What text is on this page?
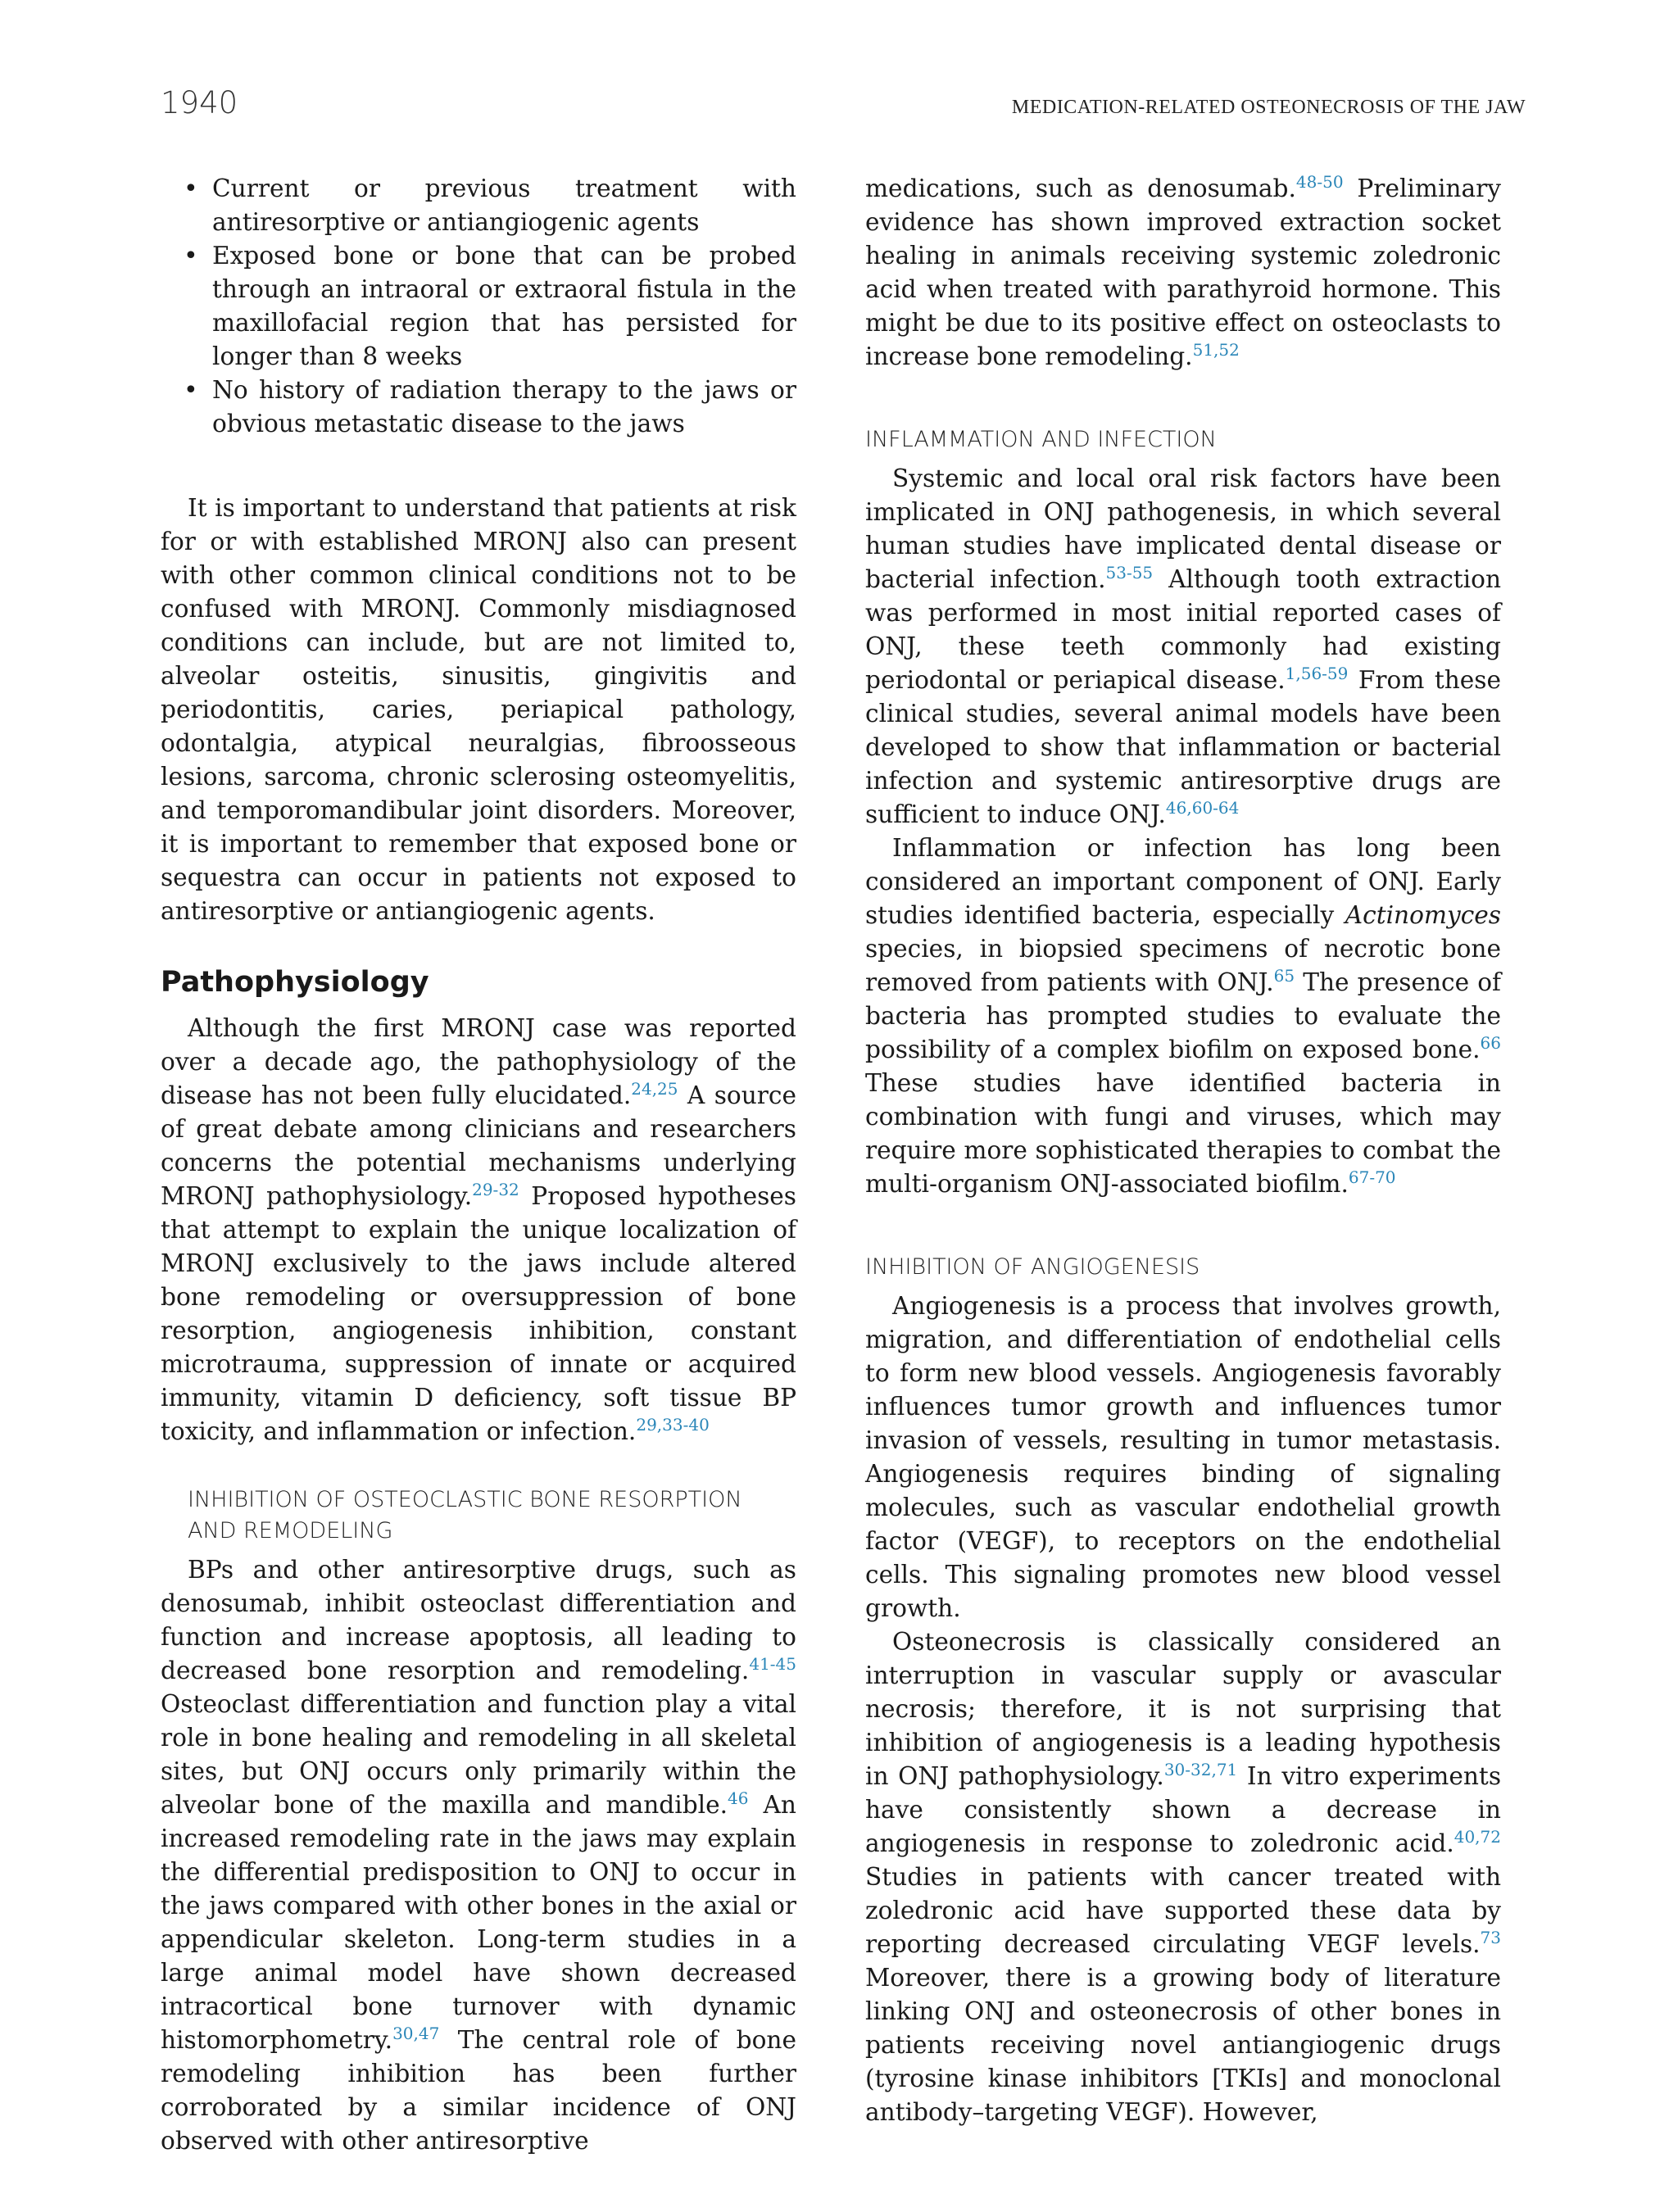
1940	MEDICATION-RELATED OSTEONECROSIS OF THE JAW
• Current or previous treatment with antiresorptive or antiangiogenic agents
• Exposed bone or bone that can be probed through an intraoral or extraoral fistula in the maxillofacial region that has persisted for longer than 8 weeks
• No history of radiation therapy to the jaws or obvious metastatic disease to the jaws

It is important to understand that patients at risk for or with established MRONJ also can present with other common clinical conditions not to be confused with MRONJ. Commonly misdiagnosed conditions can include, but are not limited to, alveolar osteitis, sinusitis, gingivitis and periodontitis, caries, periapical pathology, odontalgia, atypical neuralgias, fibroosseous lesions, sarcoma, chronic sclerosing osteomyelitis, and temporomandibular joint disorders. Moreover, it is important to remember that exposed bone or sequestra can occur in patients not exposed to antiresorptive or antiangiogenic agents.

Pathophysiology

Although the first MRONJ case was reported over a decade ago, the pathophysiology of the disease has not been fully elucidated.$^{24,25}$ A source of great debate among clinicians and researchers concerns the potential mechanisms underlying MRONJ pathophysiology.$^{29-32}$ Proposed hypotheses that attempt to explain the unique localization of MRONJ exclusively to the jaws include altered bone remodeling or oversuppression of bone resorption, angiogenesis inhibition, constant microtrauma, suppression of innate or acquired immunity, vitamin D deficiency, soft tissue BP toxicity, and inflammation or infection.$^{29,33-40}$

INHIBITION OF OSTEOCLASTIC BONE RESORPTION AND REMODELING

BPs and other antiresorptive drugs, such as denosumab, inhibit osteoclast differentiation and function and increase apoptosis, all leading to decreased bone resorption and remodeling.$^{41-45}$ Osteoclast differentiation and function play a vital role in bone healing and remodeling in all skeletal sites, but ONJ occurs only primarily within the alveolar bone of the maxilla and mandible.$^{46}$ An increased remodeling rate in the jaws may explain the differential predisposition to ONJ to occur in the jaws compared with other bones in the axial or appendicular skeleton. Long-term studies in a large animal model have shown decreased intracortical bone turnover with dynamic histomorphometry.$^{30,47}$ The central role of bone remodeling inhibition has been further corroborated by a similar incidence of ONJ observed with other antiresorptive

medications, such as denosumab.$^{48-50}$ Preliminary evidence has shown improved extraction socket healing in animals receiving systemic zoledronic acid when treated with parathyroid hormone. This might be due to its positive effect on osteoclasts to increase bone remodeling.$^{51,52}$

INFLAMMATION AND INFECTION

Systemic and local oral risk factors have been implicated in ONJ pathogenesis, in which several human studies have implicated dental disease or bacterial infection.$^{53-55}$ Although tooth extraction was performed in most initial reported cases of ONJ, these teeth commonly had existing periodontal or periapical disease.$^{1,56-59}$ From these clinical studies, several animal models have been developed to show that inflammation or bacterial infection and systemic antiresorptive drugs are sufficient to induce ONJ.$^{46,60-64}$

Inflammation or infection has long been considered an important component of ONJ. Early studies identified bacteria, especially Actinomyces species, in biopsied specimens of necrotic bone removed from patients with ONJ.$^{65}$ The presence of bacteria has prompted studies to evaluate the possibility of a complex biofilm on exposed bone.$^{66}$ These studies have identified bacteria in combination with fungi and viruses, which may require more sophisticated therapies to combat the multi-organism ONJ-associated biofilm.$^{67-70}$

INHIBITION OF ANGIOGENESIS

Angiogenesis is a process that involves growth, migration, and differentiation of endothelial cells to form new blood vessels. Angiogenesis favorably influences tumor growth and influences tumor invasion of vessels, resulting in tumor metastasis. Angiogenesis requires binding of signaling molecules, such as vascular endothelial growth factor (VEGF), to receptors on the endothelial cells. This signaling promotes new blood vessel growth.

Osteonecrosis is classically considered an interruption in vascular supply or avascular necrosis; therefore, it is not surprising that inhibition of angiogenesis is a leading hypothesis in ONJ pathophysiology.$^{30-32,71}$ In vitro experiments have consistently shown a decrease in angiogenesis in response to zoledronic acid.$^{40,72}$ Studies in patients with cancer treated with zoledronic acid have supported these data by reporting decreased circulating VEGF levels.$^{73}$ Moreover, there is a growing body of literature linking ONJ and osteonecrosis of other bones in patients receiving novel antiangiogenic drugs (tyrosine kinase inhibitors [TKIs] and monoclonal antibody–targeting VEGF). However,
